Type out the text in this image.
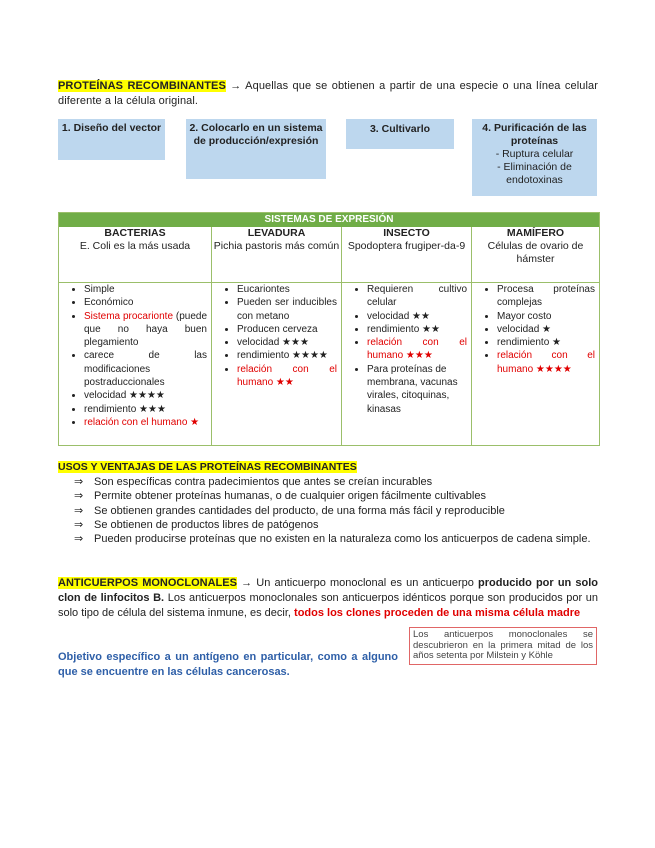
PROTEÍNAS RECOMBINANTES → Aquellas que se obtienen a partir de una especie o una línea celular diferente a la célula original.
1. Diseño del vector	2. Colocarlo en un sistema de producción/expresión
3. Cultivarlo	4. Purificación de las proteínas
- Ruptura celular
- Eliminación de endotoxinas
SISTEMAS DE EXPRESIÓN
BACTERIAS
E. Coli es la más usada
LEVADURA
Pichia pastoris más común
INSECTO
Spodoptera frugiper-da-9
MAMÍFERO
Células de ovario de hámster
• Simple
• Económico
• Sistema procarionte (puede que no haya buen plegamiento
• carece de las modificaciones postraduccionales
• velocidad ★★★★
• rendimiento ★★★
• relación con el humano ★
• Eucariontes
• Pueden ser inducibles con metano
• Producen cerveza
• velocidad ★★★
• rendimiento ★★★★
• relación con el humano ★★
• Requieren cultivo celular
• velocidad ★★
• rendimiento ★★
• relación con el humano ★★★
• Para proteínas de membrana, vacunas virales, citoquinas, kinasas
• Procesa proteínas complejas
• Mayor costo
• velocidad ★
• rendimiento ★
• relación con el humano ★★★★
USOS Y VENTAJAS DE LAS PROTEÍNAS RECOMBINANTES
⇒ Son específicas contra padecimientos que antes se creían incurables
⇒ Permite obtener proteínas humanas, o de cualquier origen fácilmente cultivables
⇒ Se obtienen grandes cantidades del producto, de una forma más fácil y reproducible
⇒ Se obtienen de productos libres de patógenos
⇒ Pueden producirse proteínas que no existen en la naturaleza como los anticuerpos de cadena simple.
ANTICUERPOS MONOCLONALES → Un anticuerpo monoclonal es un anticuerpo producido por un solo clon de linfocitos B. Los anticuerpos monoclonales son anticuerpos idénticos porque son producidos por un solo tipo de célula del sistema inmune, es decir, todos los clones proceden de una misma célula madre
Objetivo específico a un antígeno en particular, como a alguno que se encuentre en las células cancerosas.
Los anticuerpos monoclonales se descubrieron en la primera mitad de los años setenta por Milstein y Köhle
